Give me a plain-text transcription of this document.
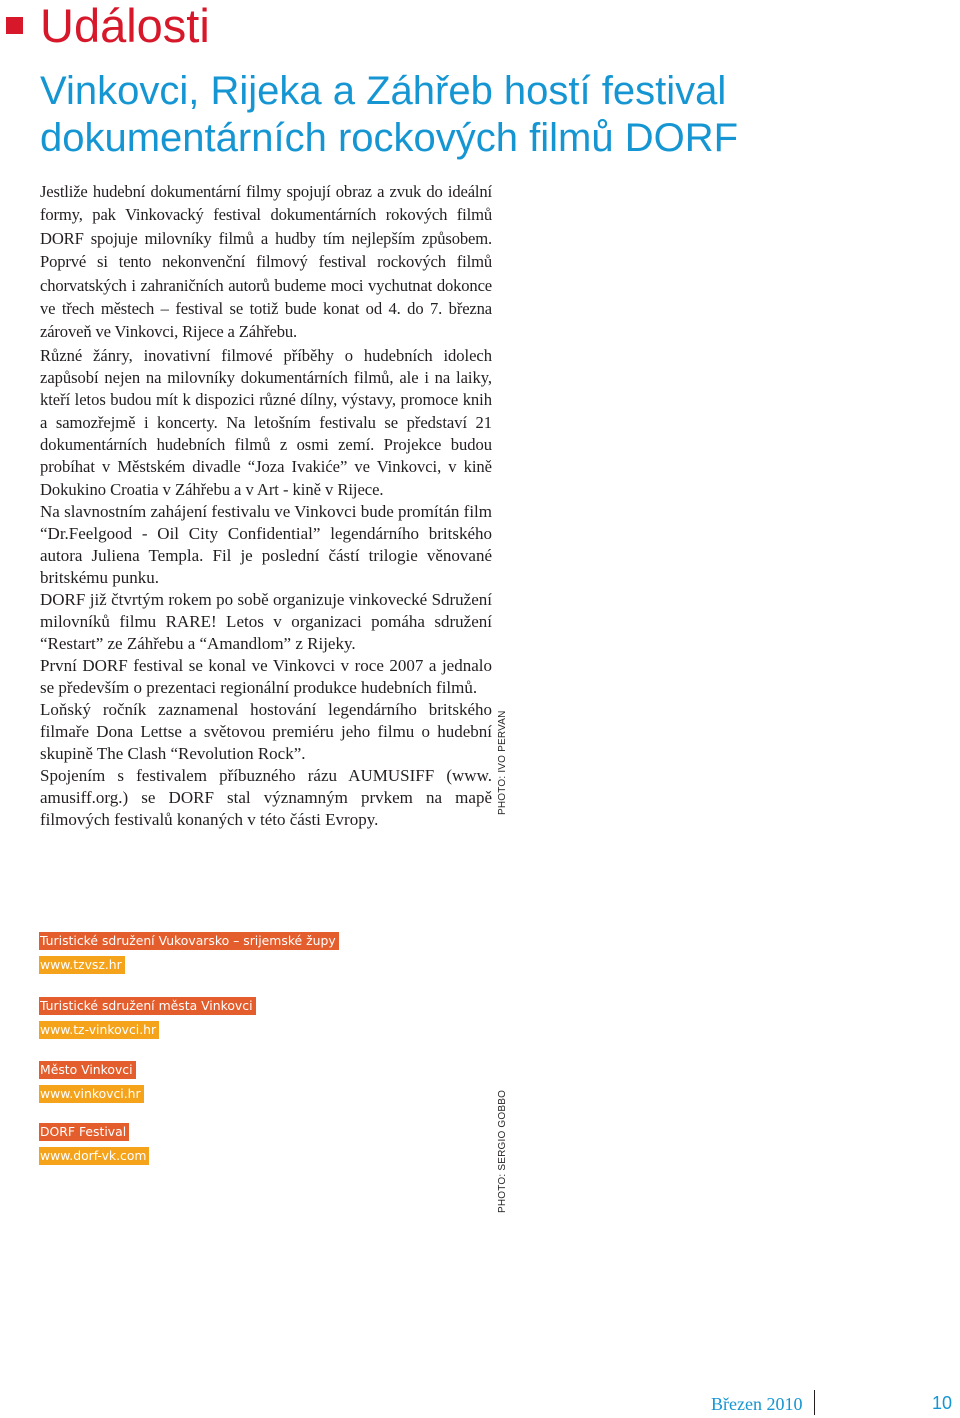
Události
Vinkovci, Rijeka a Záhřeb hostí festival
dokumentárních rockových filmů DORF

Jestliže hudební dokumentární filmy spojují obraz a zvuk do ideální formy, pak Vinkovacký festival dokumentárních rokových filmů DORF spojuje milovníky filmů a hudby tím nejlepším způsobem. Poprvé si tento nekonvenční filmový festival rockových filmů chorvatských i zahraničních autorů budeme moci vychutnat dokonce ve třech městech – festival se totiž bude konat od 4. do 7. března zároveň ve Vinkovci, Rijece a Záhřebu.

Různé žánry, inovativní filmové příběhy o hudebních idolech zapůsobí nejen na milovníky dokumentárních filmů, ale i na laiky, kteří letos budou mít k dispozici různé dílny, výstavy, promoce knih a samozřejmě i koncerty. Na letošním festivalu se představí 21 dokumentárních hudebních filmů z osmi zemí. Projekce budou probíhat v Městském divadle “Joza Ivakiće” ve Vinkovci, v kině Dokukino Croatia v Záhřebu a v Art - kině v Rijece.

Na slavnostním zahájení festivalu ve Vinkovci bude promítán film “Dr.Feelgood - Oil City Confidential” legendárního britského autora Juliena Templa. Fil je poslední částí trilogie věnované britskému punku.

DORF již čtvrtým rokem po sobě organizuje vinkovecké Sdružení milovníků filmu RARE! Letos v organizaci pomáha sdružení “Restart” ze Záhřebu a “Amandlom” z Rijeky.

První DORF festival se konal ve Vinkovci v roce 2007 a jednalo se především o prezentaci regionální produkce hudebních filmů.

Loňský ročník zaznamenal hostování legendárního britského filmaře Dona Lettse a světovou premiéru jeho filmu o hudební skupině The Clash “Revolution Rock”.

Spojením s festivalem příbuzného rázu AUMUSIFF (www. amusiff.org.) se DORF stal významným prvkem na mapě filmových festivalů konaných v této části Evropy.

PHOTO: IVO PERVAN
PHOTO: SERGIO GOBBO
Turistické sdružení Vukovarsko – srijemské župy
www.tzvsz.hr
Turistické sdružení města Vinkovci
www.tz-vinkovci.hr
Město Vinkovci
www.vinkovci.hr
DORF Festival
www.dorf-vk.com
Březen 2010	10
